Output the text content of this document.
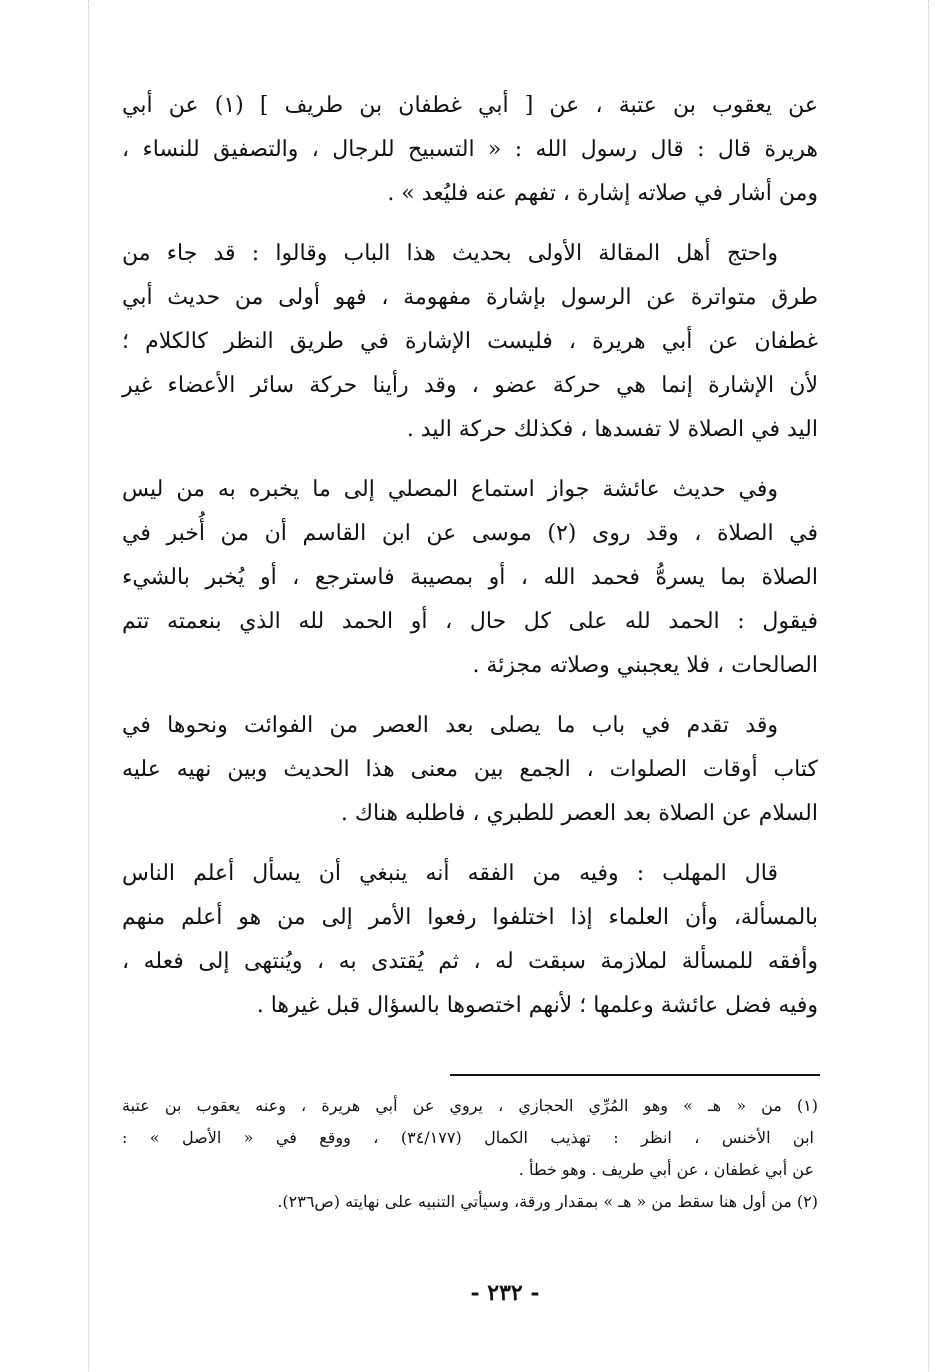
عن يعقوب بن عتبة ، عن [ أبي غطفان بن طريف ] (١) عن أبي
هريرة قال : قال رسول الله : « التسبيح للرجال ، والتصفيق للنساء ،
ومن أشار في صلاته إشارة ، تفهم عنه فليُعد » .

واحتج أهل المقالة الأولى بحديث هذا الباب وقالوا : قد جاء من
طرق متواترة عن الرسول بإشارة مفهومة ، فهو أولى من حديث أبي
غطفان عن أبي هريرة ، فليست الإشارة في طريق النظر كالكلام ؛
لأن الإشارة إنما هي حركة عضو ، وقد رأينا حركة سائر الأعضاء غير
اليد في الصلاة لا تفسدها ، فكذلك حركة اليد .

وفي حديث عائشة جواز استماع المصلي إلى ما يخبره به من ليس
في الصلاة ، وقد روى (٢) موسى عن ابن القاسم أن من أُخبر في
الصلاة بما يسرهُّ فحمد الله ، أو بمصيبة فاسترجع ، أو يُخبر بالشيء
فيقول : الحمد لله على كل حال ، أو الحمد لله الذي بنعمته تتم
الصالحات ، فلا يعجبني وصلاته مجزئة .

وقد تقدم في باب ما يصلى بعد العصر من الفوائت ونحوها في
كتاب أوقات الصلوات ، الجمع بين معنى هذا الحديث وبين نهيه عليه
السلام عن الصلاة بعد العصر للطبري ، فاطلبه هناك .

قال المهلب : وفيه من الفقه أنه ينبغي أن يسأل أعلم الناس
بالمسألة، وأن العلماء إذا اختلفوا رفعوا الأمر إلى من هو أعلم منهم
وأفقه للمسألة لملازمة سبقت له ، ثم يُقتدى به ، ويُنتهى إلى فعله ،
وفيه فضل عائشة وعلمها ؛ لأنهم اختصوها بالسؤال قبل غيرها .

(١) من « هـ » وهو المُرِّي الحجازي ، يروي عن أبي هريرة ، وعنه يعقوب بن عتبة
ابن الأخنس ، انظر : تهذيب الكمال (٣٤/١٧٧) ، ووقع في « الأصل » :
عن أبي غطفان ، عن أبي طريف . وهو خطأ .

(٢) من أول هنا سقط من « هـ » بمقدار ورقة، وسيأتي التنبيه على نهايته (ص٢٣٦).

- ٢٣٢ -
